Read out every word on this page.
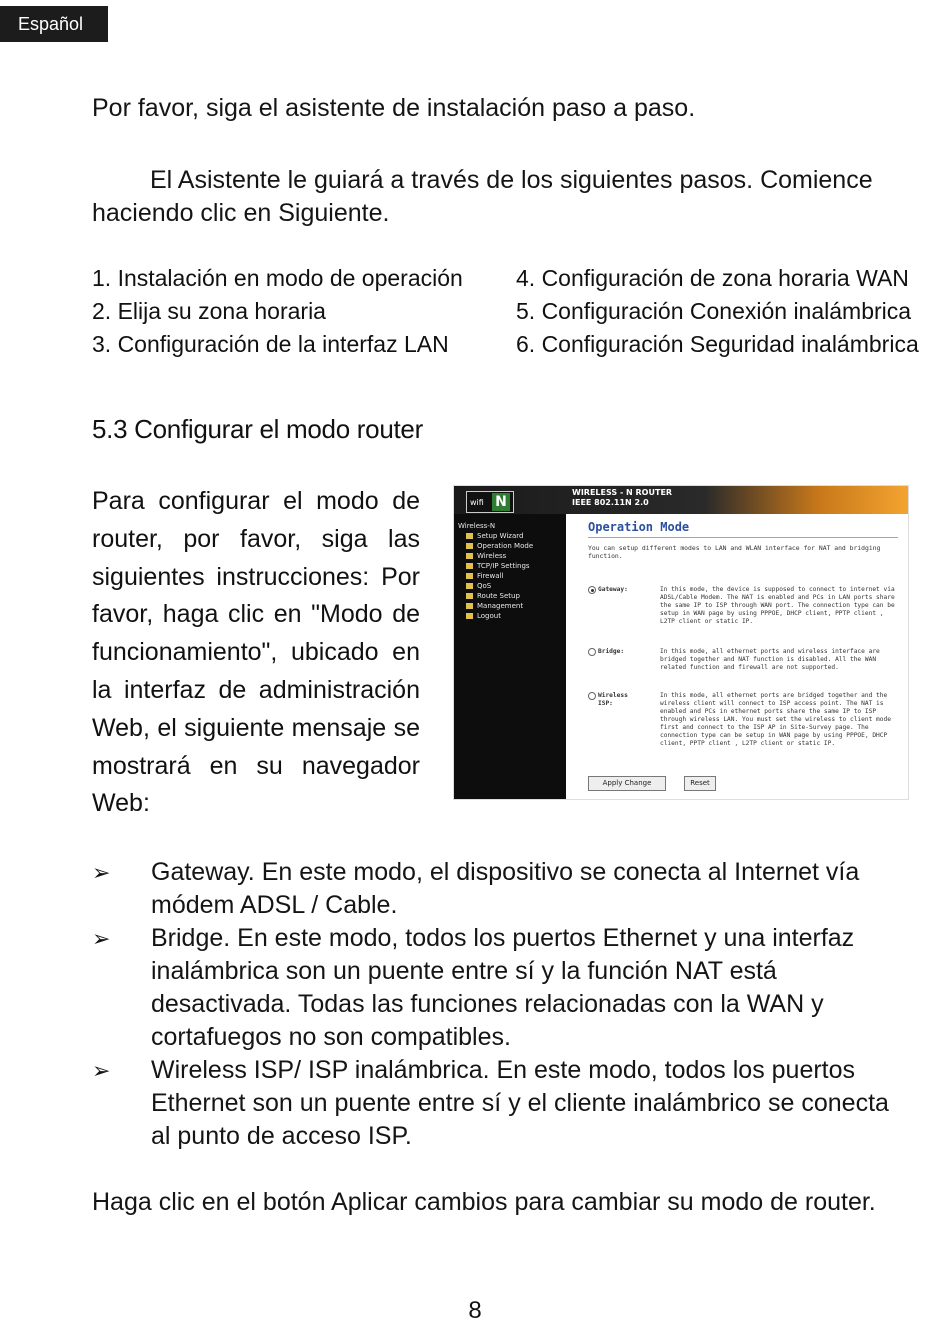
Español

Por favor, siga el asistente de instalación paso a paso.

El Asistente le guiará a través de los siguientes pasos. Comience
haciendo clic en Siguiente.
1. Instalación en modo de operación
2. Elija su zona horaria
3. Configuración de la interfaz LAN
4. Configuración de zona horaria WAN
5. Configuración Conexión inalámbrica
6. Configuración Seguridad inalámbrica
5.3 Configurar el modo router

Para configurar el modo de router, por favor, siga las siguientes instrucciones: Por favor, haga clic en "Modo de funcionamiento", ubicado en la interfaz de administración Web, el siguiente mensaje se mostrará en su navegador Web:

wifi N
WIRELESS - N ROUTER
IEEE 802.11N 2.0
Wireless-N
Setup Wizard
Operation Mode
Wireless
TCP/IP Settings
Firewall
QoS
Route Setup
Management
Logout
Operation Mode
You can setup different modes to LAN and WLAN interface for NAT and bridging function.
Gateway:	In this mode, the device is supposed to connect to internet via ADSL/Cable Modem. The NAT is enabled and PCs in LAN ports share the same IP to ISP through WAN port. The connection type can be setup in WAN page by using PPPOE, DHCP client, PPTP client , L2TP client or static IP.
Bridge:	In this mode, all ethernet ports and wireless interface are bridged together and NAT function is disabled. All the WAN related function and firewall are not supported.
Wireless ISP:
In this mode, all ethernet ports are bridged together and the wireless client will connect to ISP access point. The NAT is enabled and PCs in ethernet ports share the same IP to ISP through wireless LAN. You must set the wireless to client mode first and connect to the ISP AP in Site-Survey page. The connection type can be setup in WAN page by using PPPOE, DHCP client, PPTP client , L2TP client or static IP.
Apply Change	Reset
➢ Gateway. En este modo, el dispositivo se conecta al Internet vía módem ADSL / Cable.
➢ Bridge. En este modo, todos los puertos Ethernet y una interfaz inalámbrica son un puente entre sí y la función NAT está desactivada. Todas las funciones relacionadas con la WAN y cortafuegos no son compatibles.
➢ Wireless ISP/ ISP inalámbrica. En este modo, todos los puertos Ethernet son un puente entre sí y el cliente inalámbrico se conecta al punto de acceso ISP.

Haga clic en el botón Aplicar cambios para cambiar su modo de router.

8
